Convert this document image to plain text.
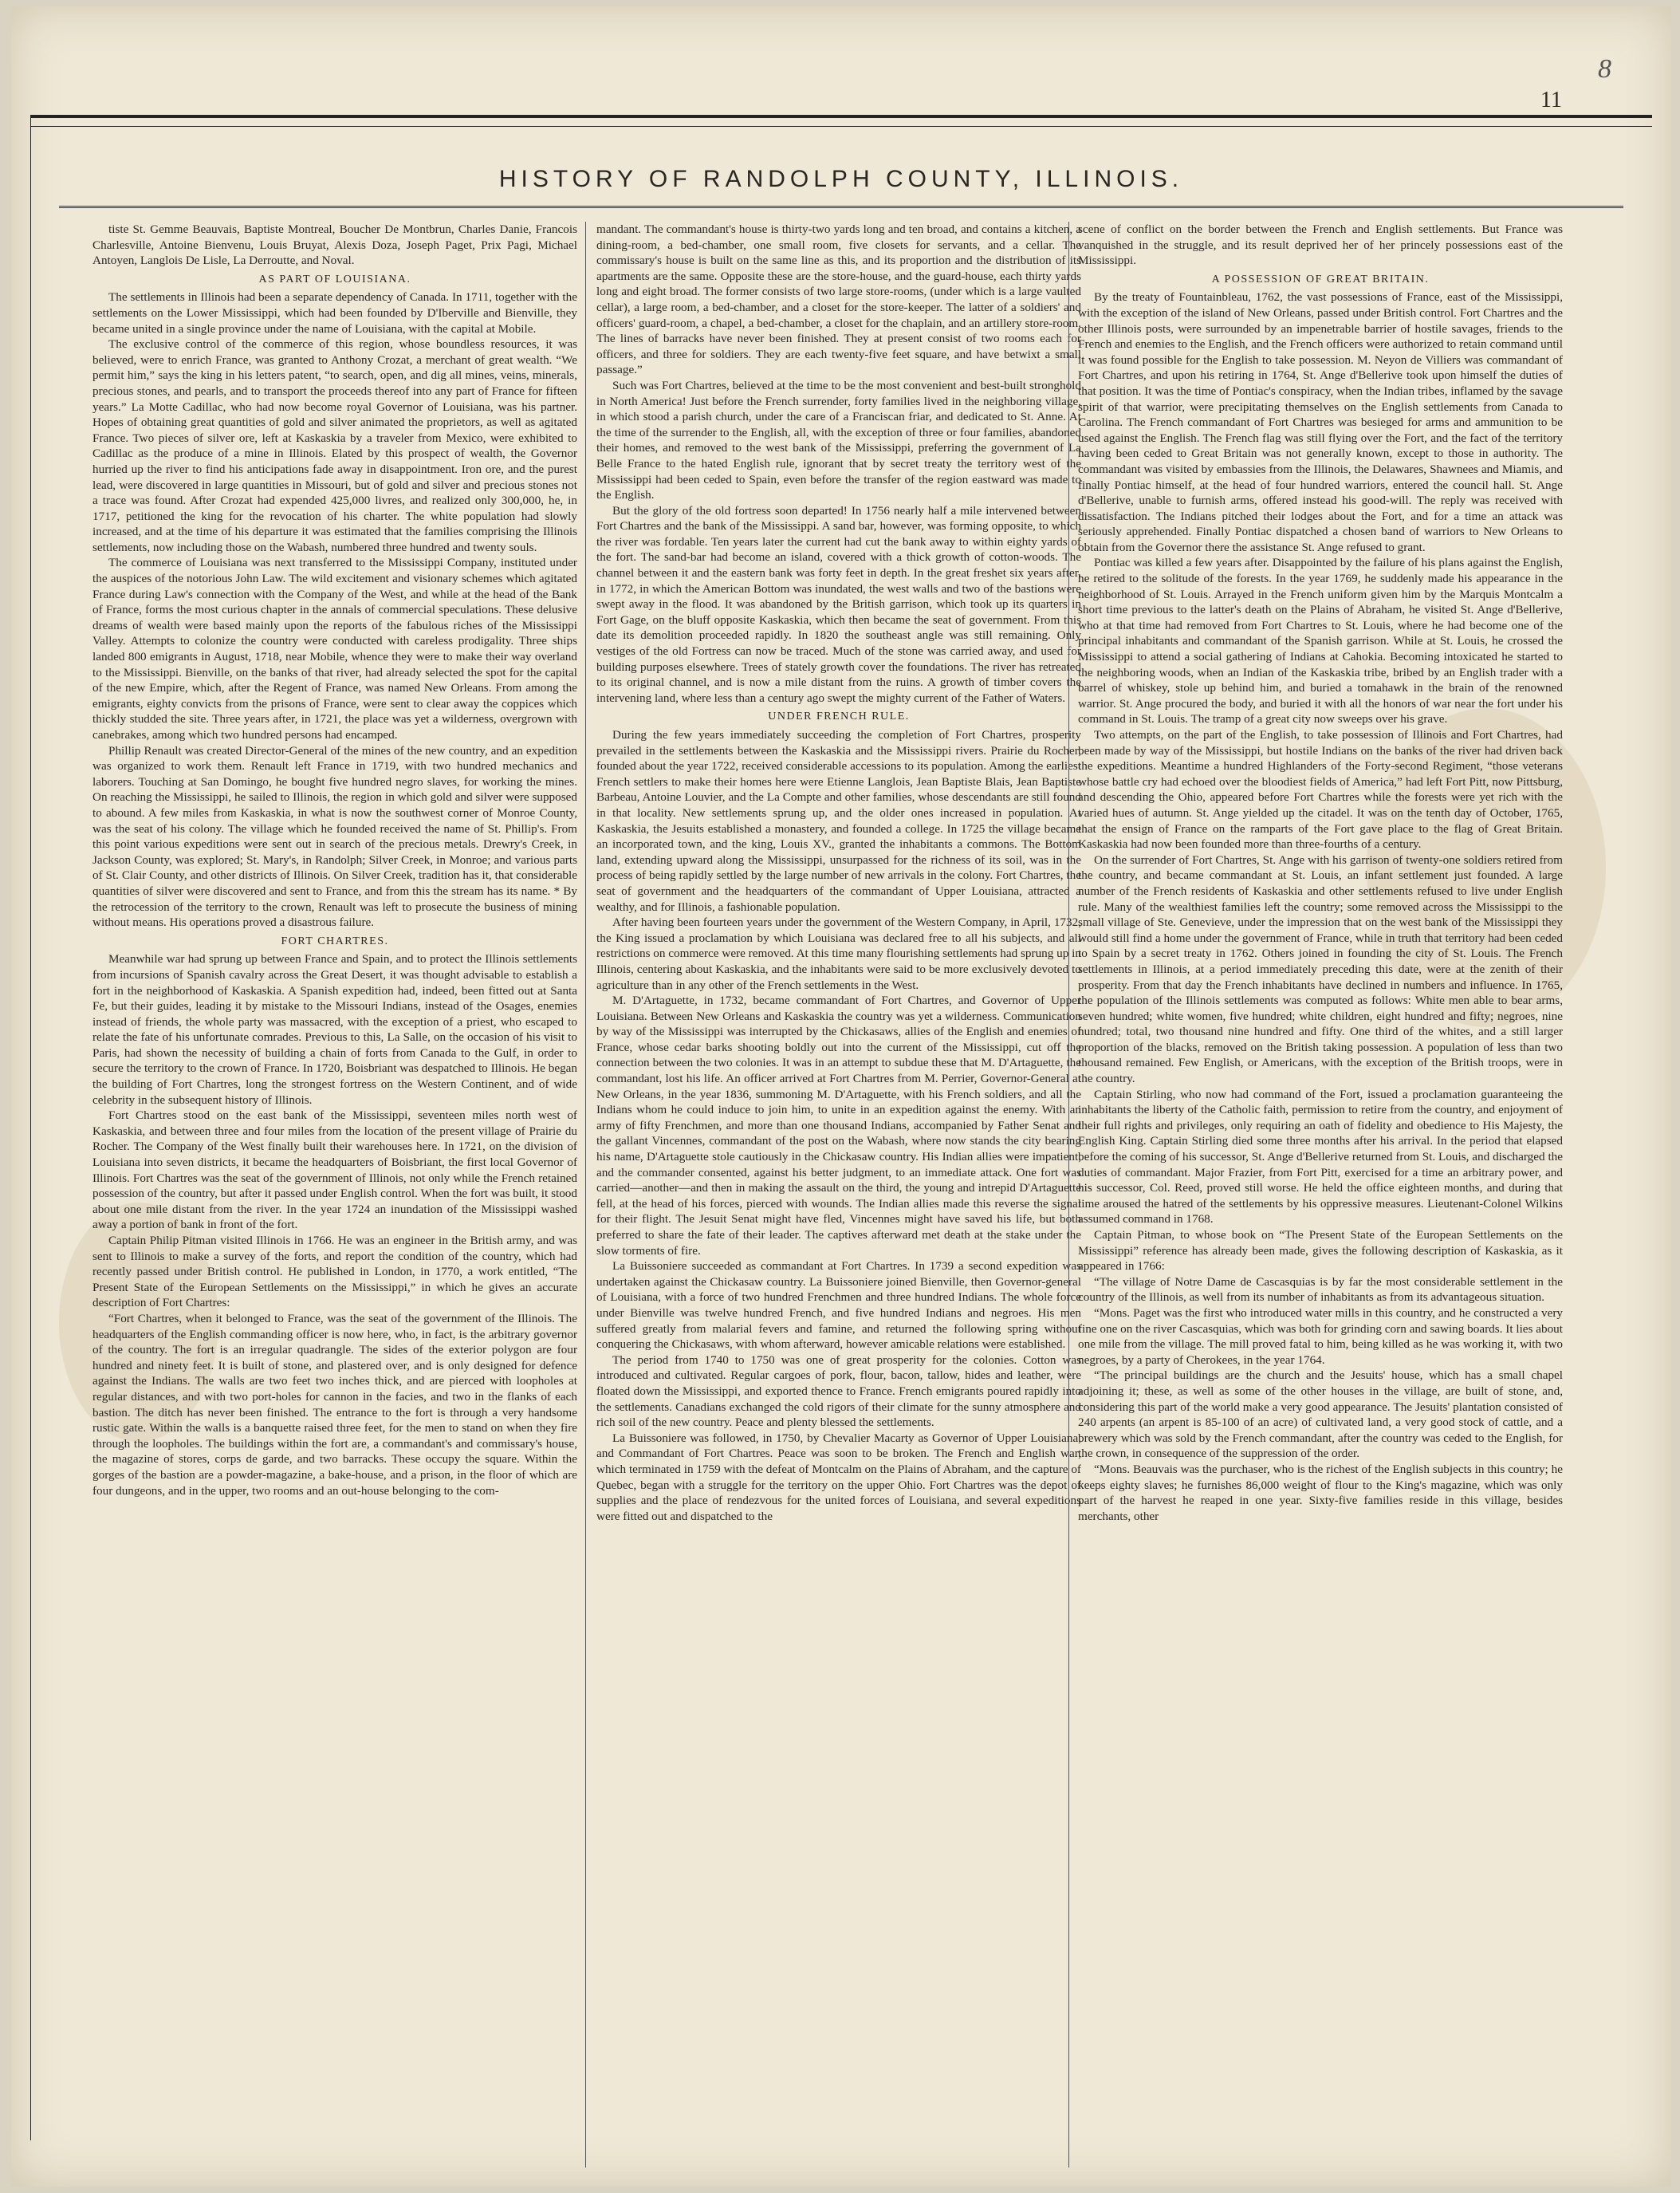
8
11
HISTORY OF RANDOLPH COUNTY, ILLINOIS.

tiste St. Gemme Beauvais, Baptiste Montreal, Boucher De Montbrun, Charles Danie, Francois Charlesville, Antoine Bienvenu, Louis Bruyat, Alexis Doza, Joseph Paget, Prix Pagi, Michael Antoyen, Langlois De Lisle, La Derroutte, and Noval.

AS PART OF LOUISIANA.

The settlements in Illinois had been a separate dependency of Canada. In 1711, together with the settlements on the Lower Mississippi, which had been founded by D'Iberville and Bienville, they became united in a single province under the name of Louisiana, with the capital at Mobile.

The exclusive control of the commerce of this region, whose boundless resources, it was believed, were to enrich France, was granted to Anthony Crozat, a merchant of great wealth. “We permit him,” says the king in his letters patent, “to search, open, and dig all mines, veins, minerals, precious stones, and pearls, and to transport the proceeds thereof into any part of France for fifteen years.” La Motte Cadillac, who had now become royal Governor of Louisiana, was his partner. Hopes of obtaining great quantities of gold and silver animated the proprietors, as well as agitated France. Two pieces of silver ore, left at Kaskaskia by a traveler from Mexico, were exhibited to Cadillac as the produce of a mine in Illinois. Elated by this prospect of wealth, the Governor hurried up the river to find his anticipations fade away in disappointment. Iron ore, and the purest lead, were discovered in large quantities in Missouri, but of gold and silver and precious stones not a trace was found. After Crozat had expended 425,000 livres, and realized only 300,000, he, in 1717, petitioned the king for the revocation of his charter. The white population had slowly increased, and at the time of his departure it was estimated that the families comprising the Illinois settlements, now including those on the Wabash, numbered three hundred and twenty souls.

The commerce of Louisiana was next transferred to the Mississippi Company, instituted under the auspices of the notorious John Law. The wild excitement and visionary schemes which agitated France during Law's connection with the Company of the West, and while at the head of the Bank of France, forms the most curious chapter in the annals of commercial speculations. These delusive dreams of wealth were based mainly upon the reports of the fabulous riches of the Mississippi Valley. Attempts to colonize the country were conducted with careless prodigality. Three ships landed 800 emigrants in August, 1718, near Mobile, whence they were to make their way overland to the Mississippi. Bienville, on the banks of that river, had already selected the spot for the capital of the new Empire, which, after the Regent of France, was named New Orleans. From among the emigrants, eighty convicts from the prisons of France, were sent to clear away the coppices which thickly studded the site. Three years after, in 1721, the place was yet a wilderness, overgrown with canebrakes, among which two hundred persons had encamped.

Phillip Renault was created Director-General of the mines of the new country, and an expedition was organized to work them. Renault left France in 1719, with two hundred mechanics and laborers. Touching at San Domingo, he bought five hundred negro slaves, for working the mines. On reaching the Mississippi, he sailed to Illinois, the region in which gold and silver were supposed to abound. A few miles from Kaskaskia, in what is now the southwest corner of Monroe County, was the seat of his colony. The village which he founded received the name of St. Phillip's. From this point various expeditions were sent out in search of the precious metals. Drewry's Creek, in Jackson County, was explored; St. Mary's, in Randolph; Silver Creek, in Monroe; and various parts of St. Clair County, and other districts of Illinois. On Silver Creek, tradition has it, that considerable quantities of silver were discovered and sent to France, and from this the stream has its name. * By the retrocession of the territory to the crown, Renault was left to prosecute the business of mining without means. His operations proved a disastrous failure.

FORT CHARTRES.

Meanwhile war had sprung up between France and Spain, and to protect the Illinois settlements from incursions of Spanish cavalry across the Great Desert, it was thought advisable to establish a fort in the neighborhood of Kaskaskia. A Spanish expedition had, indeed, been fitted out at Santa Fe, but their guides, leading it by mistake to the Missouri Indians, instead of the Osages, enemies instead of friends, the whole party was massacred, with the exception of a priest, who escaped to relate the fate of his unfortunate comrades. Previous to this, La Salle, on the occasion of his visit to Paris, had shown the necessity of building a chain of forts from Canada to the Gulf, in order to secure the territory to the crown of France. In 1720, Boisbriant was despatched to Illinois. He began the building of Fort Chartres, long the strongest fortress on the Western Continent, and of wide celebrity in the subsequent history of Illinois.

Fort Chartres stood on the east bank of the Mississippi, seventeen miles north west of Kaskaskia, and between three and four miles from the location of the present village of Prairie du Rocher. The Company of the West finally built their warehouses here. In 1721, on the division of Louisiana into seven districts, it became the headquarters of Boisbriant, the first local Governor of Illinois. Fort Chartres was the seat of the government of Illinois, not only while the French retained possession of the country, but after it passed under English control. When the fort was built, it stood about one mile distant from the river. In the year 1724 an inundation of the Mississippi washed away a portion of bank in front of the fort.

Captain Philip Pitman visited Illinois in 1766. He was an engineer in the British army, and was sent to Illinois to make a survey of the forts, and report the condition of the country, which had recently passed under British control. He published in London, in 1770, a work entitled, “The Present State of the European Settlements on the Mississippi,” in which he gives an accurate description of Fort Chartres:

“Fort Chartres, when it belonged to France, was the seat of the government of the Illinois. The headquarters of the English commanding officer is now here, who, in fact, is the arbitrary governor of the country. The fort is an irregular quadrangle. The sides of the exterior polygon are four hundred and ninety feet. It is built of stone, and plastered over, and is only designed for defence against the Indians. The walls are two feet two inches thick, and are pierced with loopholes at regular distances, and with two port-holes for cannon in the facies, and two in the flanks of each bastion. The ditch has never been finished. The entrance to the fort is through a very handsome rustic gate. Within the walls is a banquette raised three feet, for the men to stand on when they fire through the loopholes. The buildings within the fort are, a commandant's and commissary's house, the magazine of stores, corps de garde, and two barracks. These occupy the square. Within the gorges of the bastion are a powder-magazine, a bake-house, and a prison, in the floor of which are four dungeons, and in the upper, two rooms and an out-house belonging to the com-

mandant. The commandant's house is thirty-two yards long and ten broad, and contains a kitchen, a dining-room, a bed-chamber, one small room, five closets for servants, and a cellar. The commissary's house is built on the same line as this, and its proportion and the distribution of its apartments are the same. Opposite these are the store-house, and the guard-house, each thirty yards long and eight broad. The former consists of two large store-rooms, (under which is a large vaulted cellar), a large room, a bed-chamber, and a closet for the store-keeper. The latter of a soldiers' and officers' guard-room, a chapel, a bed-chamber, a closet for the chaplain, and an artillery store-room. The lines of barracks have never been finished. They at present consist of two rooms each for officers, and three for soldiers. They are each twenty-five feet square, and have betwixt a small passage.”

Such was Fort Chartres, believed at the time to be the most convenient and best-built stronghold in North America! Just before the French surrender, forty families lived in the neighboring village, in which stood a parish church, under the care of a Franciscan friar, and dedicated to St. Anne. At the time of the surrender to the English, all, with the exception of three or four families, abandoned their homes, and removed to the west bank of the Mississippi, preferring the government of La Belle France to the hated English rule, ignorant that by secret treaty the territory west of the Mississippi had been ceded to Spain, even before the transfer of the region eastward was made to the English.

But the glory of the old fortress soon departed! In 1756 nearly half a mile intervened between Fort Chartres and the bank of the Mississippi. A sand bar, however, was forming opposite, to which the river was fordable. Ten years later the current had cut the bank away to within eighty yards of the fort. The sand-bar had become an island, covered with a thick growth of cotton-woods. The channel between it and the eastern bank was forty feet in depth. In the great freshet six years after, in 1772, in which the American Bottom was inundated, the west walls and two of the bastions were swept away in the flood. It was abandoned by the British garrison, which took up its quarters in Fort Gage, on the bluff opposite Kaskaskia, which then became the seat of government. From this date its demolition proceeded rapidly. In 1820 the southeast angle was still remaining. Only vestiges of the old Fortress can now be traced. Much of the stone was carried away, and used for building purposes elsewhere. Trees of stately growth cover the foundations. The river has retreated to its original channel, and is now a mile distant from the ruins. A growth of timber covers the intervening land, where less than a century ago swept the mighty current of the Father of Waters.

UNDER FRENCH RULE.

During the few years immediately succeeding the completion of Fort Chartres, prosperity prevailed in the settlements between the Kaskaskia and the Mississippi rivers. Prairie du Rocher, founded about the year 1722, received considerable accessions to its population. Among the earliest French settlers to make their homes here were Etienne Langlois, Jean Baptiste Blais, Jean Baptiste Barbeau, Antoine Louvier, and the La Compte and other families, whose descendants are still found in that locality. New settlements sprung up, and the older ones increased in population. At Kaskaskia, the Jesuits established a monastery, and founded a college. In 1725 the village became an incorporated town, and the king, Louis XV., granted the inhabitants a commons. The Bottom land, extending upward along the Mississippi, unsurpassed for the richness of its soil, was in the process of being rapidly settled by the large number of new arrivals in the colony. Fort Chartres, the seat of government and the headquarters of the commandant of Upper Louisiana, attracted a wealthy, and for Illinois, a fashionable population.

After having been fourteen years under the government of the Western Company, in April, 1732, the King issued a proclamation by which Louisiana was declared free to all his subjects, and all restrictions on commerce were removed. At this time many flourishing settlements had sprung up in Illinois, centering about Kaskaskia, and the inhabitants were said to be more exclusively devoted to agriculture than in any other of the French settlements in the West.

M. D'Artaguette, in 1732, became commandant of Fort Chartres, and Governor of Upper Louisiana. Between New Orleans and Kaskaskia the country was yet a wilderness. Communication by way of the Mississippi was interrupted by the Chickasaws, allies of the English and enemies of France, whose cedar barks shooting boldly out into the current of the Mississippi, cut off the connection between the two colonies. It was in an attempt to subdue these that M. D'Artaguette, the commandant, lost his life. An officer arrived at Fort Chartres from M. Perrier, Governor-General at New Orleans, in the year 1836, summoning M. D'Artaguette, with his French soldiers, and all the Indians whom he could induce to join him, to unite in an expedition against the enemy. With an army of fifty Frenchmen, and more than one thousand Indians, accompanied by Father Senat and the gallant Vincennes, commandant of the post on the Wabash, where now stands the city bearing his name, D'Artaguette stole cautiously in the Chickasaw country. His Indian allies were impatient, and the commander consented, against his better judgment, to an immediate attack. One fort was carried—another—and then in making the assault on the third, the young and intrepid D'Artaguette fell, at the head of his forces, pierced with wounds. The Indian allies made this reverse the signal for their flight. The Jesuit Senat might have fled, Vincennes might have saved his life, but both preferred to share the fate of their leader. The captives afterward met death at the stake under the slow torments of fire.

La Buissoniere succeeded as commandant at Fort Chartres. In 1739 a second expedition was undertaken against the Chickasaw country. La Buissoniere joined Bienville, then Governor-general of Louisiana, with a force of two hundred Frenchmen and three hundred Indians. The whole force under Bienville was twelve hundred French, and five hundred Indians and negroes. His men suffered greatly from malarial fevers and famine, and returned the following spring without conquering the Chickasaws, with whom afterward, however amicable relations were established.

The period from 1740 to 1750 was one of great prosperity for the colonies. Cotton was introduced and cultivated. Regular cargoes of pork, flour, bacon, tallow, hides and leather, were floated down the Mississippi, and exported thence to France. French emigrants poured rapidly into the settlements. Canadians exchanged the cold rigors of their climate for the sunny atmosphere and rich soil of the new country. Peace and plenty blessed the settlements.

La Buissoniere was followed, in 1750, by Chevalier Macarty as Governor of Upper Louisiana, and Commandant of Fort Chartres. Peace was soon to be broken. The French and English war, which terminated in 1759 with the defeat of Montcalm on the Plains of Abraham, and the capture of Quebec, began with a struggle for the territory on the upper Ohio. Fort Chartres was the depot of supplies and the place of rendezvous for the united forces of Louisiana, and several expeditions were fitted out and dispatched to the

scene of conflict on the border between the French and English settlements. But France was vanquished in the struggle, and its result deprived her of her princely possessions east of the Mississippi.

A POSSESSION OF GREAT BRITAIN.

By the treaty of Fountainbleau, 1762, the vast possessions of France, east of the Mississippi, with the exception of the island of New Orleans, passed under British control. Fort Chartres and the other Illinois posts, were surrounded by an impenetrable barrier of hostile savages, friends to the French and enemies to the English, and the French officers were authorized to retain command until it was found possible for the English to take possession. M. Neyon de Villiers was commandant of Fort Chartres, and upon his retiring in 1764, St. Ange d'Bellerive took upon himself the duties of that position. It was the time of Pontiac's conspiracy, when the Indian tribes, inflamed by the savage spirit of that warrior, were precipitating themselves on the English settlements from Canada to Carolina. The French commandant of Fort Chartres was besieged for arms and ammunition to be used against the English. The French flag was still flying over the Fort, and the fact of the territory having been ceded to Great Britain was not generally known, except to those in authority. The commandant was visited by embassies from the Illinois, the Delawares, Shawnees and Miamis, and finally Pontiac himself, at the head of four hundred warriors, entered the council hall. St. Ange d'Bellerive, unable to furnish arms, offered instead his good-will. The reply was received with dissatisfaction. The Indians pitched their lodges about the Fort, and for a time an attack was seriously apprehended. Finally Pontiac dispatched a chosen band of warriors to New Orleans to obtain from the Governor there the assistance St. Ange refused to grant.

Pontiac was killed a few years after. Disappointed by the failure of his plans against the English, he retired to the solitude of the forests. In the year 1769, he suddenly made his appearance in the neighborhood of St. Louis. Arrayed in the French uniform given him by the Marquis Montcalm a short time previous to the latter's death on the Plains of Abraham, he visited St. Ange d'Bellerive, who at that time had removed from Fort Chartres to St. Louis, where he had become one of the principal inhabitants and commandant of the Spanish garrison. While at St. Louis, he crossed the Mississippi to attend a social gathering of Indians at Cahokia. Becoming intoxicated he started to the neighboring woods, when an Indian of the Kaskaskia tribe, bribed by an English trader with a barrel of whiskey, stole up behind him, and buried a tomahawk in the brain of the renowned warrior. St. Ange procured the body, and buried it with all the honors of war near the fort under his command in St. Louis. The tramp of a great city now sweeps over his grave.

Two attempts, on the part of the English, to take possession of Illinois and Fort Chartres, had been made by way of the Mississippi, but hostile Indians on the banks of the river had driven back the expeditions. Meantime a hundred Highlanders of the Forty-second Regiment, “those veterans whose battle cry had echoed over the bloodiest fields of America,” had left Fort Pitt, now Pittsburg, and descending the Ohio, appeared before Fort Chartres while the forests were yet rich with the varied hues of autumn. St. Ange yielded up the citadel. It was on the tenth day of October, 1765, that the ensign of France on the ramparts of the Fort gave place to the flag of Great Britain. Kaskaskia had now been founded more than three-fourths of a century.

On the surrender of Fort Chartres, St. Ange with his garrison of twenty-one soldiers retired from the country, and became commandant at St. Louis, an infant settlement just founded. A large number of the French residents of Kaskaskia and other settlements refused to live under English rule. Many of the wealthiest families left the country; some removed across the Mississippi to the small village of Ste. Genevieve, under the impression that on the west bank of the Mississippi they would still find a home under the government of France, while in truth that territory had been ceded to Spain by a secret treaty in 1762. Others joined in founding the city of St. Louis. The French settlements in Illinois, at a period immediately preceding this date, were at the zenith of their prosperity. From that day the French inhabitants have declined in numbers and influence. In 1765, the population of the Illinois settlements was computed as follows: White men able to bear arms, seven hundred; white women, five hundred; white children, eight hundred and fifty; negroes, nine hundred; total, two thousand nine hundred and fifty. One third of the whites, and a still larger proportion of the blacks, removed on the British taking possession. A population of less than two thousand remained. Few English, or Americans, with the exception of the British troops, were in the country.

Captain Stirling, who now had command of the Fort, issued a proclamation guaranteeing the inhabitants the liberty of the Catholic faith, permission to retire from the country, and enjoyment of their full rights and privileges, only requiring an oath of fidelity and obedience to His Majesty, the English King. Captain Stirling died some three months after his arrival. In the period that elapsed before the coming of his successor, St. Ange d'Bellerive returned from St. Louis, and discharged the duties of commandant. Major Frazier, from Fort Pitt, exercised for a time an arbitrary power, and his successor, Col. Reed, proved still worse. He held the office eighteen months, and during that time aroused the hatred of the settlements by his oppressive measures. Lieutenant-Colonel Wilkins assumed command in 1768.

Captain Pitman, to whose book on “The Present State of the European Settlements on the Mississippi” reference has already been made, gives the following description of Kaskaskia, as it appeared in 1766:

“The village of Notre Dame de Cascasquias is by far the most considerable settlement in the country of the Illinois, as well from its number of inhabitants as from its advantageous situation.

“Mons. Paget was the first who introduced water mills in this country, and he constructed a very fine one on the river Cascasquias, which was both for grinding corn and sawing boards. It lies about one mile from the village. The mill proved fatal to him, being killed as he was working it, with two negroes, by a party of Cherokees, in the year 1764.

“The principal buildings are the church and the Jesuits' house, which has a small chapel adjoining it; these, as well as some of the other houses in the village, are built of stone, and, considering this part of the world make a very good appearance. The Jesuits' plantation consisted of 240 arpents (an arpent is 85-100 of an acre) of cultivated land, a very good stock of cattle, and a brewery which was sold by the French commandant, after the country was ceded to the English, for the crown, in consequence of the suppression of the order.

“Mons. Beauvais was the purchaser, who is the richest of the English subjects in this country; he keeps eighty slaves; he furnishes 86,000 weight of flour to the King's magazine, which was only part of the harvest he reaped in one year. Sixty-five families reside in this village, besides merchants, other
